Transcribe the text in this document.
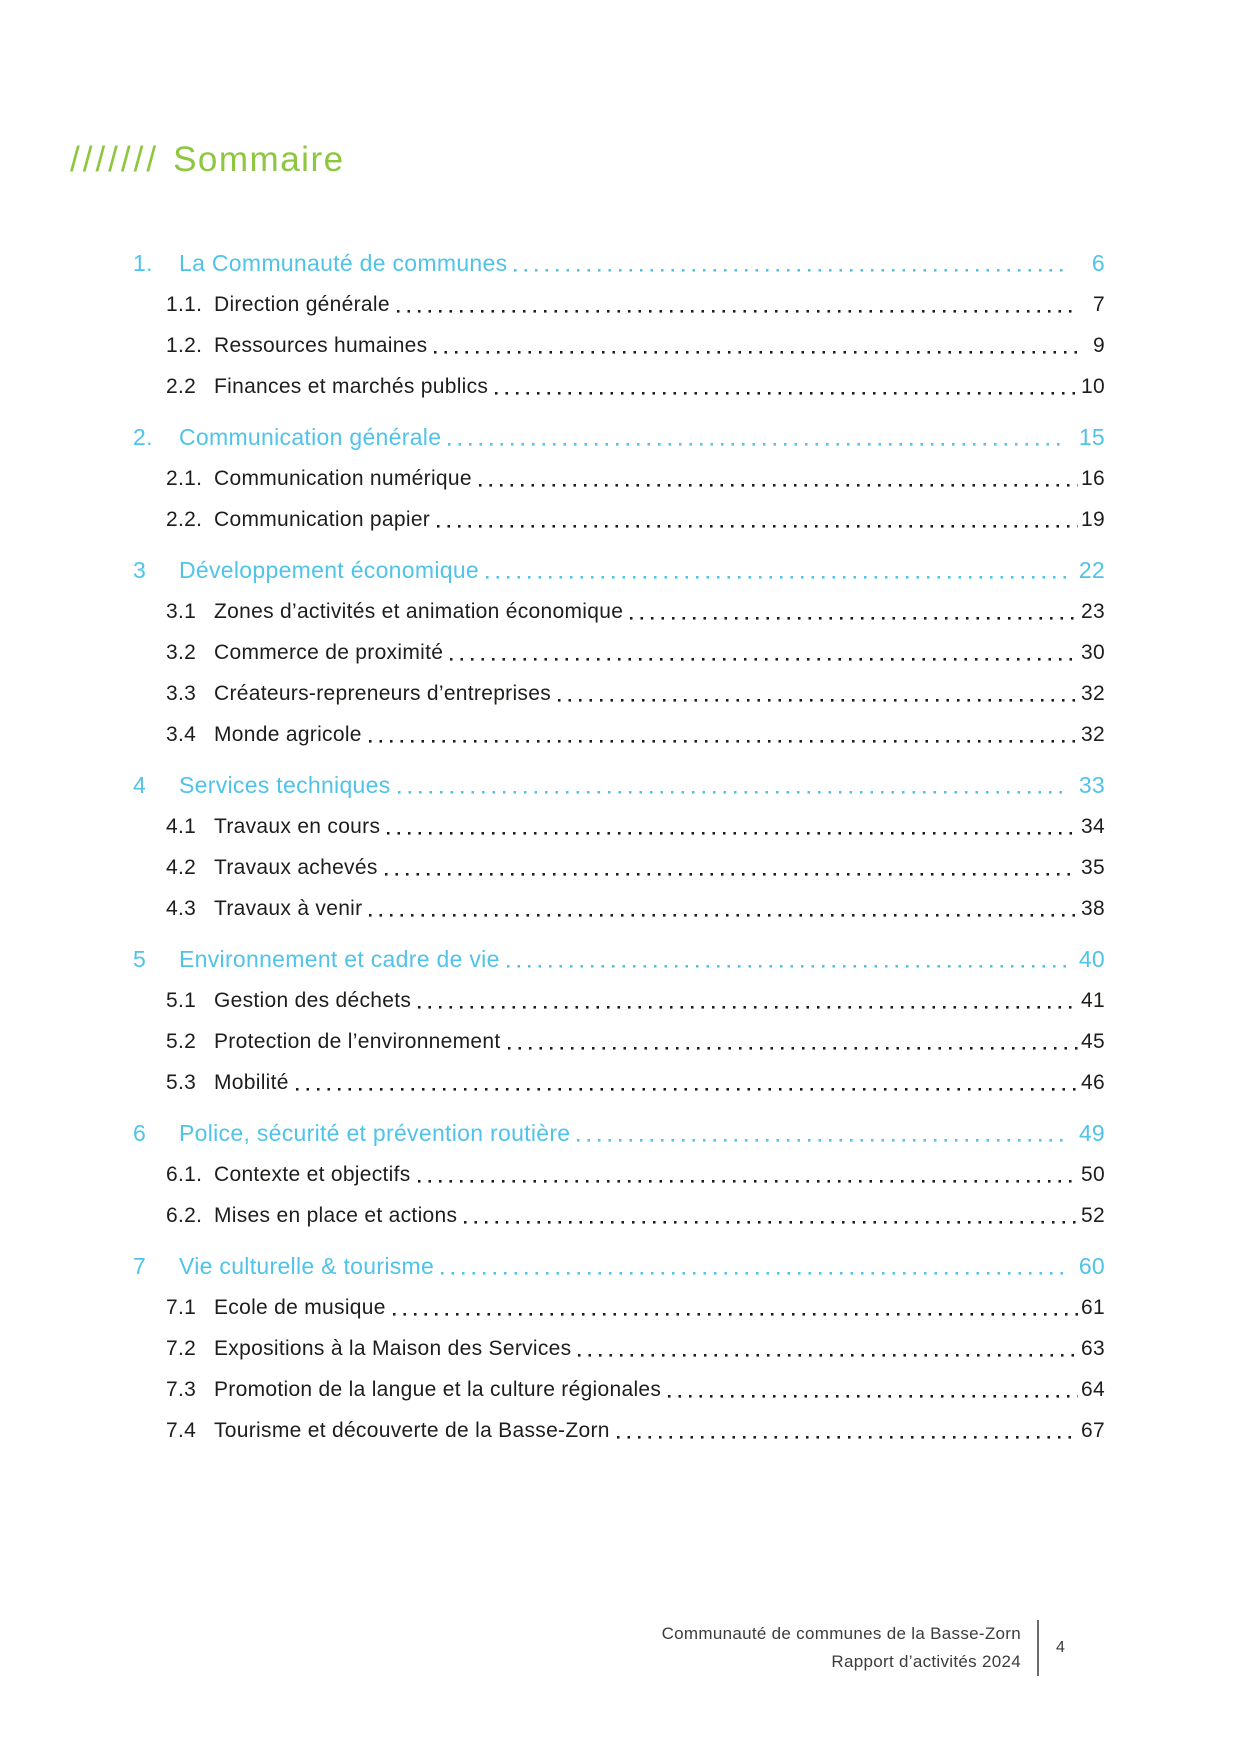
/////// Sommaire
1.	La Communauté de communes	6
1.1. Direction générale	7
1.2. Ressources humaines	9
2.2 Finances et marchés publics	10
2.	Communication générale	15
2.1. Communication numérique	16
2.2. Communication papier	19
3	Développement économique	22
3.1 Zones d’activités et animation économique	23
3.2 Commerce de proximité	30
3.3 Créateurs-repreneurs d’entreprises	32
3.4 Monde agricole	32
4	Services techniques	33
4.1 Travaux en cours	34
4.2 Travaux achevés	35
4.3 Travaux à venir	38
5	Environnement et cadre de vie	40
5.1 Gestion des déchets	41
5.2 Protection de l’environnement	45
5.3 Mobilité	46
6	Police, sécurité et prévention routière	49
6.1. Contexte et objectifs	50
6.2. Mises en place et actions	52
7	Vie culturelle & tourisme	60
7.1 Ecole de musique	61
7.2 Expositions à la Maison des Services	63
7.3 Promotion de la langue et la culture régionales	64
7.4 Tourisme et découverte de la Basse-Zorn	67
Communauté de communes de la Basse-Zorn
Rapport d’activités 2024
4
